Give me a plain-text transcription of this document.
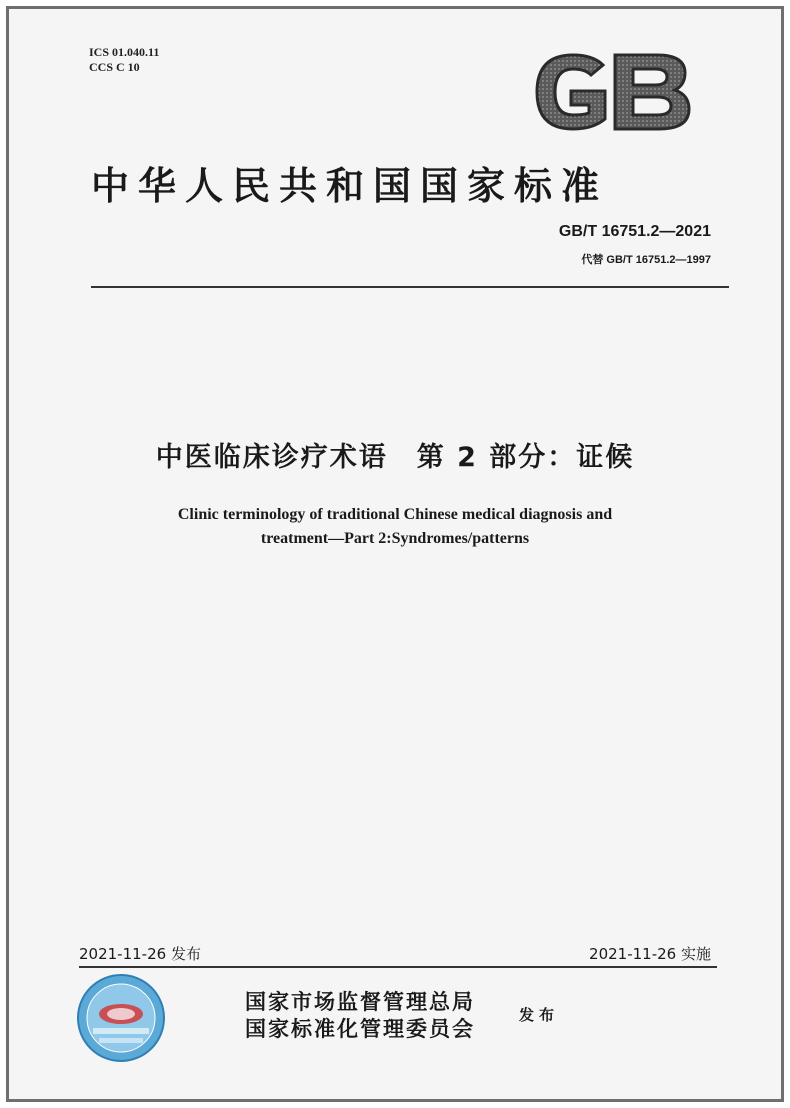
ICS 01.040.11
CCS C 10
中华人民共和国国家标准
GB/T 16751.2—2021
代替 GB/T 16751.2—1997
中医临床诊疗术语　第 2 部分：证候
Clinic terminology of traditional Chinese medical diagnosis and
treatment—Part 2:Syndromes/patterns
2021-11-26 发布	2021-11-26 实施
国家市场监督管理总局
国家标准化管理委员会
发布
